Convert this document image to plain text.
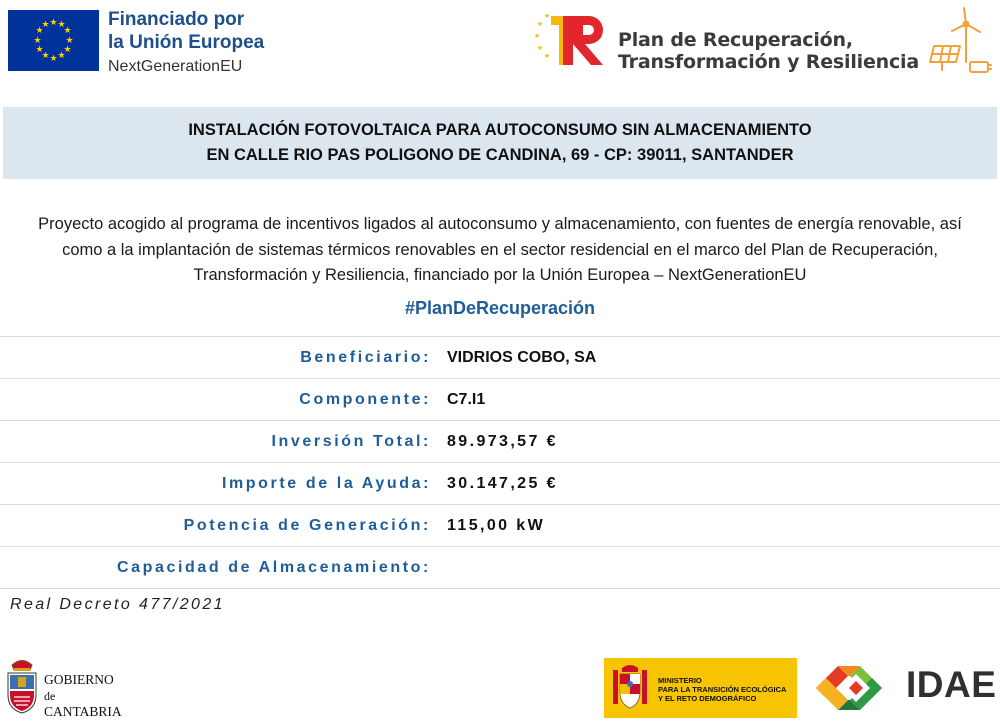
★ ★
★
★
★
★
★
★
★
★
★
★	Financiado por
la Unión Europea
NextGenerationEU
★
★
★
★
★
Plan de Recuperación,
Transformación y Resiliencia
INSTALACIÓN FOTOVOLTAICA PARA AUTOCONSUMO SIN ALMACENAMIENTO
EN CALLE RIO PAS POLIGONO DE CANDINA, 69 - CP: 39011, SANTANDER
Proyecto acogido al programa de incentivos ligados al autoconsumo y almacenamiento, con fuentes de energía renovable, así como a la implantación de sistemas térmicos renovables en el sector residencial en el marco del Plan de Recuperación, Transformación y Resiliencia, financiado por la Unión Europea – NextGenerationEU
#PlanDeRecuperación
Beneficiario:	VIDRIOS COBO, SA
Componente:	C7.I1
Inversión Total:	89.973,57 €
Importe de la Ayuda:	30.147,25 €
Potencia de Generación:	115,00 kW
Capacidad de Almacenamiento:
Real Decreto 477/2021
GOBIERNO
de
CANTABRIA
MINISTERIO
PARA LA TRANSICIÓN ECOLÓGICA
Y EL RETO DEMOGRÁFICO	IDAE
